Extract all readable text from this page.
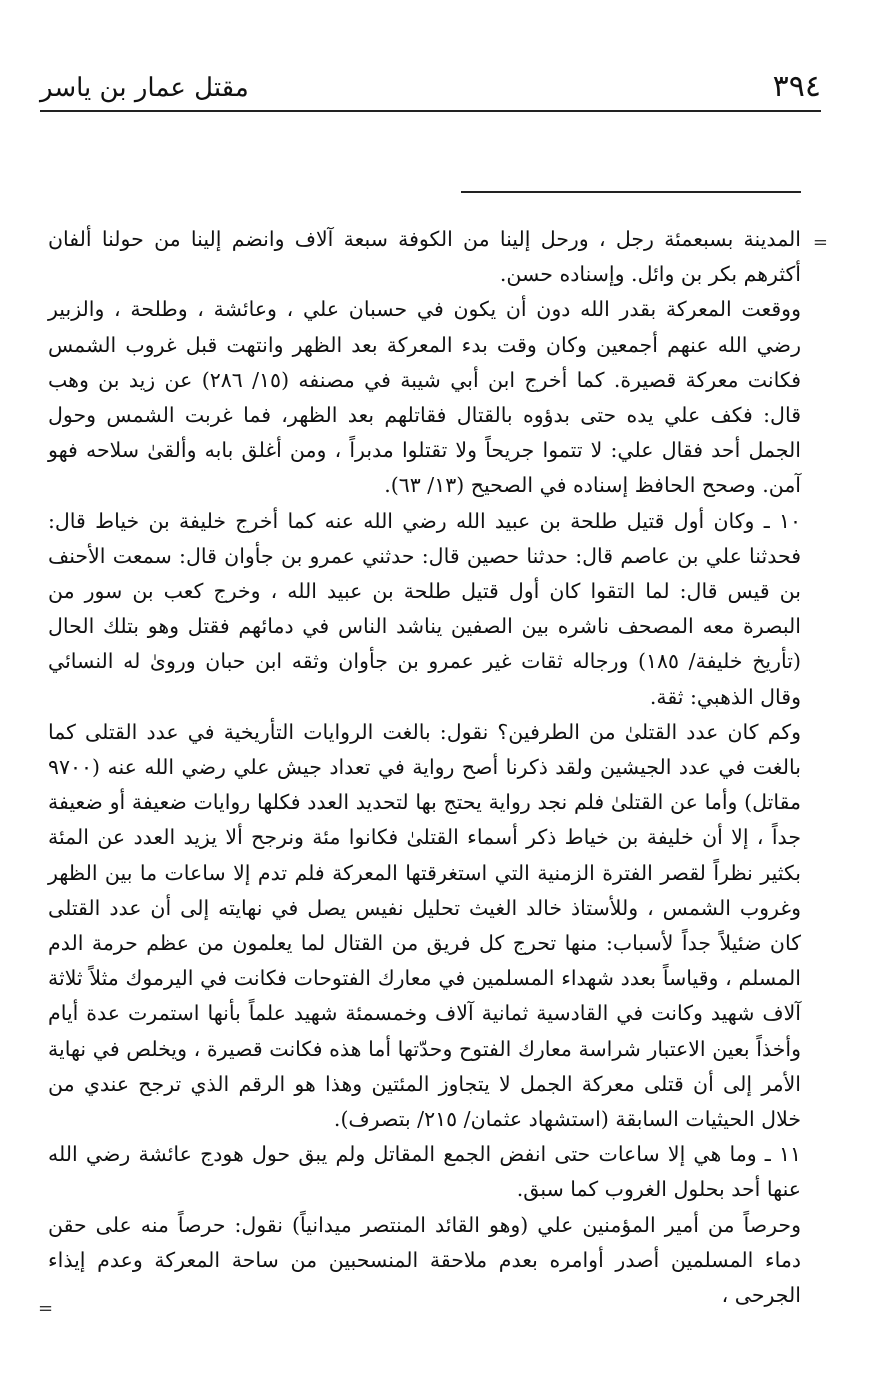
٣٩٤
مقتل عمار بن ياسر
=

المدينة بسبعمئة رجل ، ورحل إلينا من الكوفة سبعة آلاف وانضم إلينا من حولنا ألفان أكثرهم بكر بن وائل. وإسناده حسن.

ووقعت المعركة بقدر الله دون أن يكون في حسبان علي ، وعائشة ، وطلحة ، والزبير رضي الله عنهم أجمعين وكان وقت بدء المعركة بعد الظهر وانتهت قبل غروب الشمس فكانت معركة قصيرة. كما أخرج ابن أبي شيبة في مصنفه (١٥/ ٢٨٦) عن زيد بن وهب قال: فكف علي يده حتى بدؤوه بالقتال فقاتلهم بعد الظهر، فما غربت الشمس وحول الجمل أحد فقال علي: لا تتموا جريحاً ولا تقتلوا مدبراً ، ومن أغلق بابه وألقىٰ سلاحه فهو آمن. وصحح الحافظ إسناده في الصحيح (١٣/ ٦٣).

١٠ ـ وكان أول قتيل طلحة بن عبيد الله رضي الله عنه كما أخرج خليفة بن خياط قال: فحدثنا علي بن عاصم قال: حدثنا حصين قال: حدثني عمرو بن جأوان قال: سمعت الأحنف بن قيس قال: لما التقوا كان أول قتيل طلحة بن عبيد الله ، وخرج كعب بن سور من البصرة معه المصحف ناشره بين الصفين يناشد الناس في دمائهم فقتل وهو بتلك الحال (تأريخ خليفة/ ١٨٥) ورجاله ثقات غير عمرو بن جأوان وثقه ابن حبان وروىٰ له النسائي وقال الذهبي: ثقة.

وكم كان عدد القتلىٰ من الطرفين؟ نقول: بالغت الروايات التأريخية في عدد القتلى كما بالغت في عدد الجيشين ولقد ذكرنا أصح رواية في تعداد جيش علي رضي الله عنه (٩٧٠٠ مقاتل) وأما عن القتلىٰ فلم نجد رواية يحتج بها لتحديد العدد فكلها روايات ضعيفة أو ضعيفة جداً ، إلا أن خليفة بن خياط ذكر أسماء القتلىٰ فكانوا مئة ونرجح ألا يزيد العدد عن المئة بكثير نظراً لقصر الفترة الزمنية التي استغرقتها المعركة فلم تدم إلا ساعات ما بين الظهر وغروب الشمس ، وللأستاذ خالد الغيث تحليل نفيس يصل في نهايته إلى أن عدد القتلى كان ضئيلاً جداً لأسباب: منها تحرج كل فريق من القتال لما يعلمون من عظم حرمة الدم المسلم ، وقياساً بعدد شهداء المسلمين في معارك الفتوحات فكانت في اليرموك مثلاً ثلاثة آلاف شهيد وكانت في القادسية ثمانية آلاف وخمسمئة شهيد علماً بأنها استمرت عدة أيام وأخذاً بعين الاعتبار شراسة معارك الفتوح وحدّتها أما هذه فكانت قصيرة ، ويخلص في نهاية الأمر إلى أن قتلى معركة الجمل لا يتجاوز المئتين وهذا هو الرقم الذي ترجح عندي من خلال الحيثيات السابقة (استشهاد عثمان/ ٢١٥/ بتصرف).

١١ ـ وما هي إلا ساعات حتى انفض الجمع المقاتل ولم يبق حول هودج عائشة رضي الله عنها أحد بحلول الغروب كما سبق.

وحرصاً من أمير المؤمنين علي (وهو القائد المنتصر ميدانياً) نقول: حرصاً منه على حقن دماء المسلمين أصدر أوامره بعدم ملاحقة المنسحبين من ساحة المعركة وعدم إيذاء الجرحى ،

=
